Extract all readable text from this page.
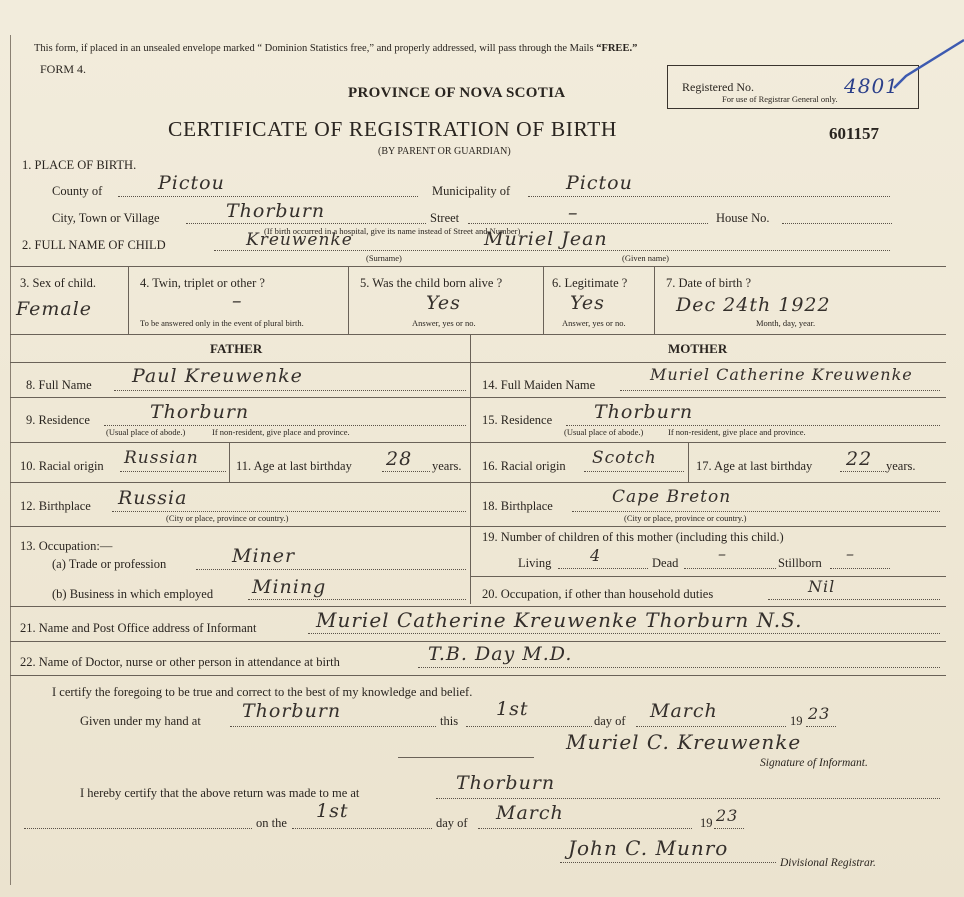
This form, if placed in an unsealed envelope marked “ Dominion Statistics free,” and properly addressed, will pass through the Mails “FREE.”
FORM 4.
PROVINCE OF NOVA SCOTIA	Registered No.	4801
For use of Registrar General only.
CERTIFICATE OF REGISTRATION OF BIRTH	601157
(BY PARENT OR GUARDIAN)
1. PLACE OF BIRTH.
County of	Pictou	Municipality of	Pictou
City, Town or Village	Thorburn	Street	–	House No.
(If birth occurred in a hospital, give its name instead of Street and Number)
2. FULL NAME OF CHILD	Kreuwenke	Muriel Jean
(Surname)	(Given name)
3. Sex of child.
Female
4. Twin, triplet or other ?
–
To be answered only in the event of plural birth.
5. Was the child born alive ?
Yes
Answer, yes or no.
6. Legitimate ?
Yes
Answer, yes or no.
7. Date of birth ?
Dec 24th 1922
Month, day, year.
FATHER	MOTHER
8. Full Name Paul Kreuwenke
9. Residence	Thorburn
(Usual place of abode.)	If non-resident, give place and province.
10. Racial origin Russian	11. Age at last birthday 28 years.
12. Birthplace Russia
(City or place, province or country.)
13. Occupation:—
(a) Trade or profession	Miner
(b) Business in which employed Mining
14. Full Maiden Name
Muriel Catherine Kreuwenke
15. Residence Thorburn
(Usual place of abode.)	If non-resident, give place and province.
16. Racial origin Scotch	17. Age at last birthday 22 years.
18. Birthplace	Cape Breton
(City or place, province or country.)
19. Number of children of this mother (including this child.)
Living 4	Dead –	Stillborn –
20. Occupation, if other than household duties	Nil
21. Name and Post Office address of Informant	Muriel Catherine Kreuwenke Thorburn N.S.
22. Name of Doctor, nurse or other person in attendance at birth	T.B. Day M.D.
I certify the foregoing to be true and correct to the best of my knowledge and belief.
Given under my hand at Thorburn	this
1st
day of March	19 23
Muriel C. Kreuwenke
Signature of Informant.
I hereby certify that the above return was made to me at	Thorburn
on the
1st
day of March	19 23
John C. Munro
Divisional Registrar.
